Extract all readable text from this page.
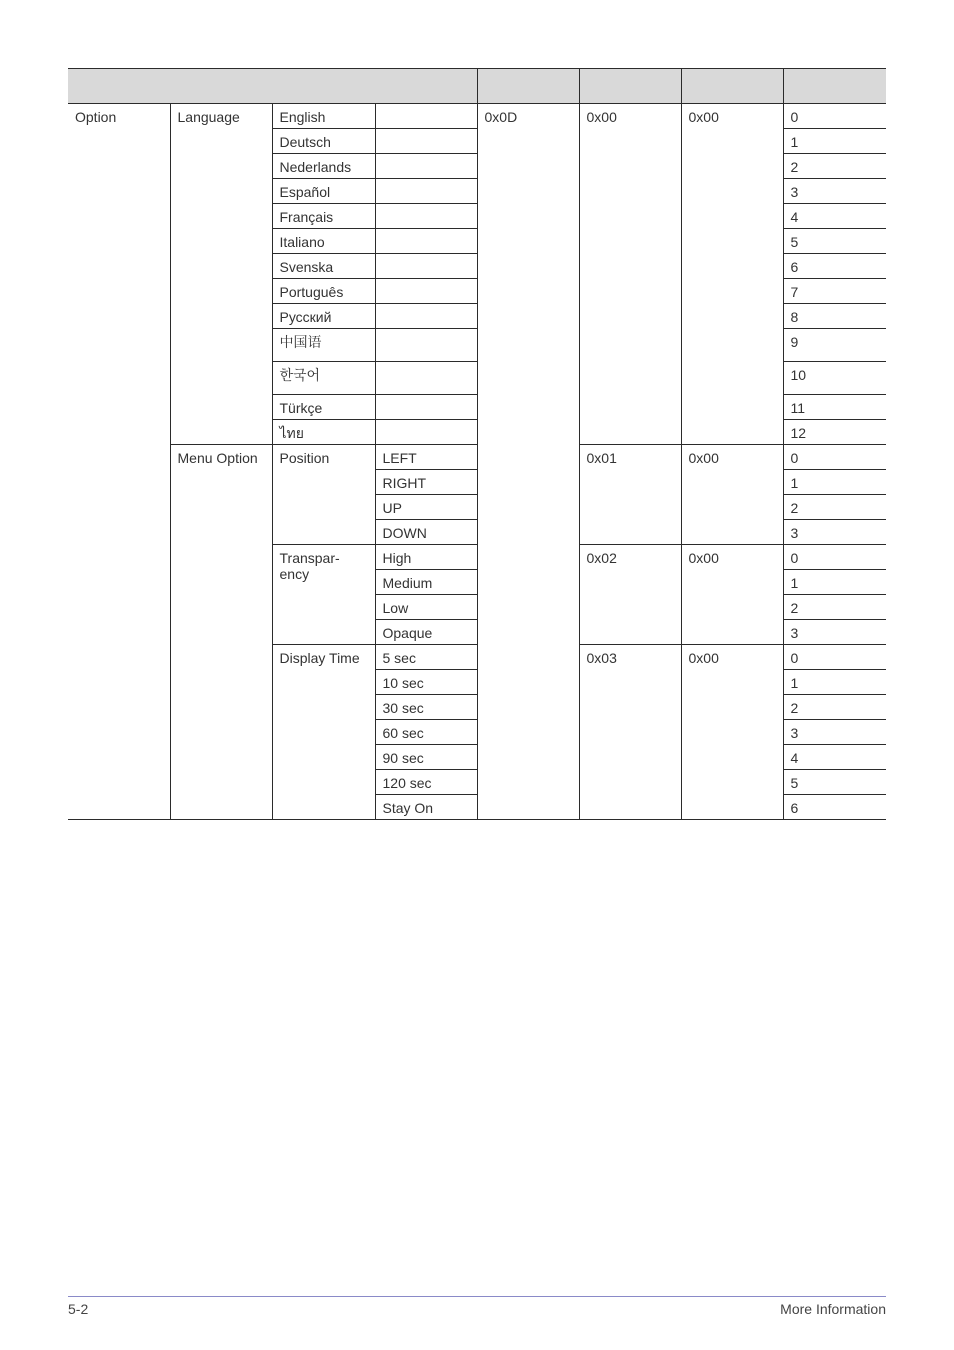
Option	Language	English		0x0D	0x00	0x00	0
		Deutsch					1
		Nederlands					2
		Español					3
		Français					4
		Italiano					5
		Svenska					6
		Português					7
		Русский					8
		中国语					9
		한국어					10
		Türkçe					11
		ไทย					12
	Menu Option	Position	LEFT		0x01	0x00	0
			RIGHT				1
			UP				2
			DOWN				3
		Transpar-
ency	High		0x02	0x00	0
			Medium				1
			Low				2
			Opaque				3
		Display Time	5 sec		0x03	0x00	0
			10 sec				1
			30 sec				2
			60 sec				3
			90 sec				4
			120 sec				5
			Stay On				6
5-2	More Information
